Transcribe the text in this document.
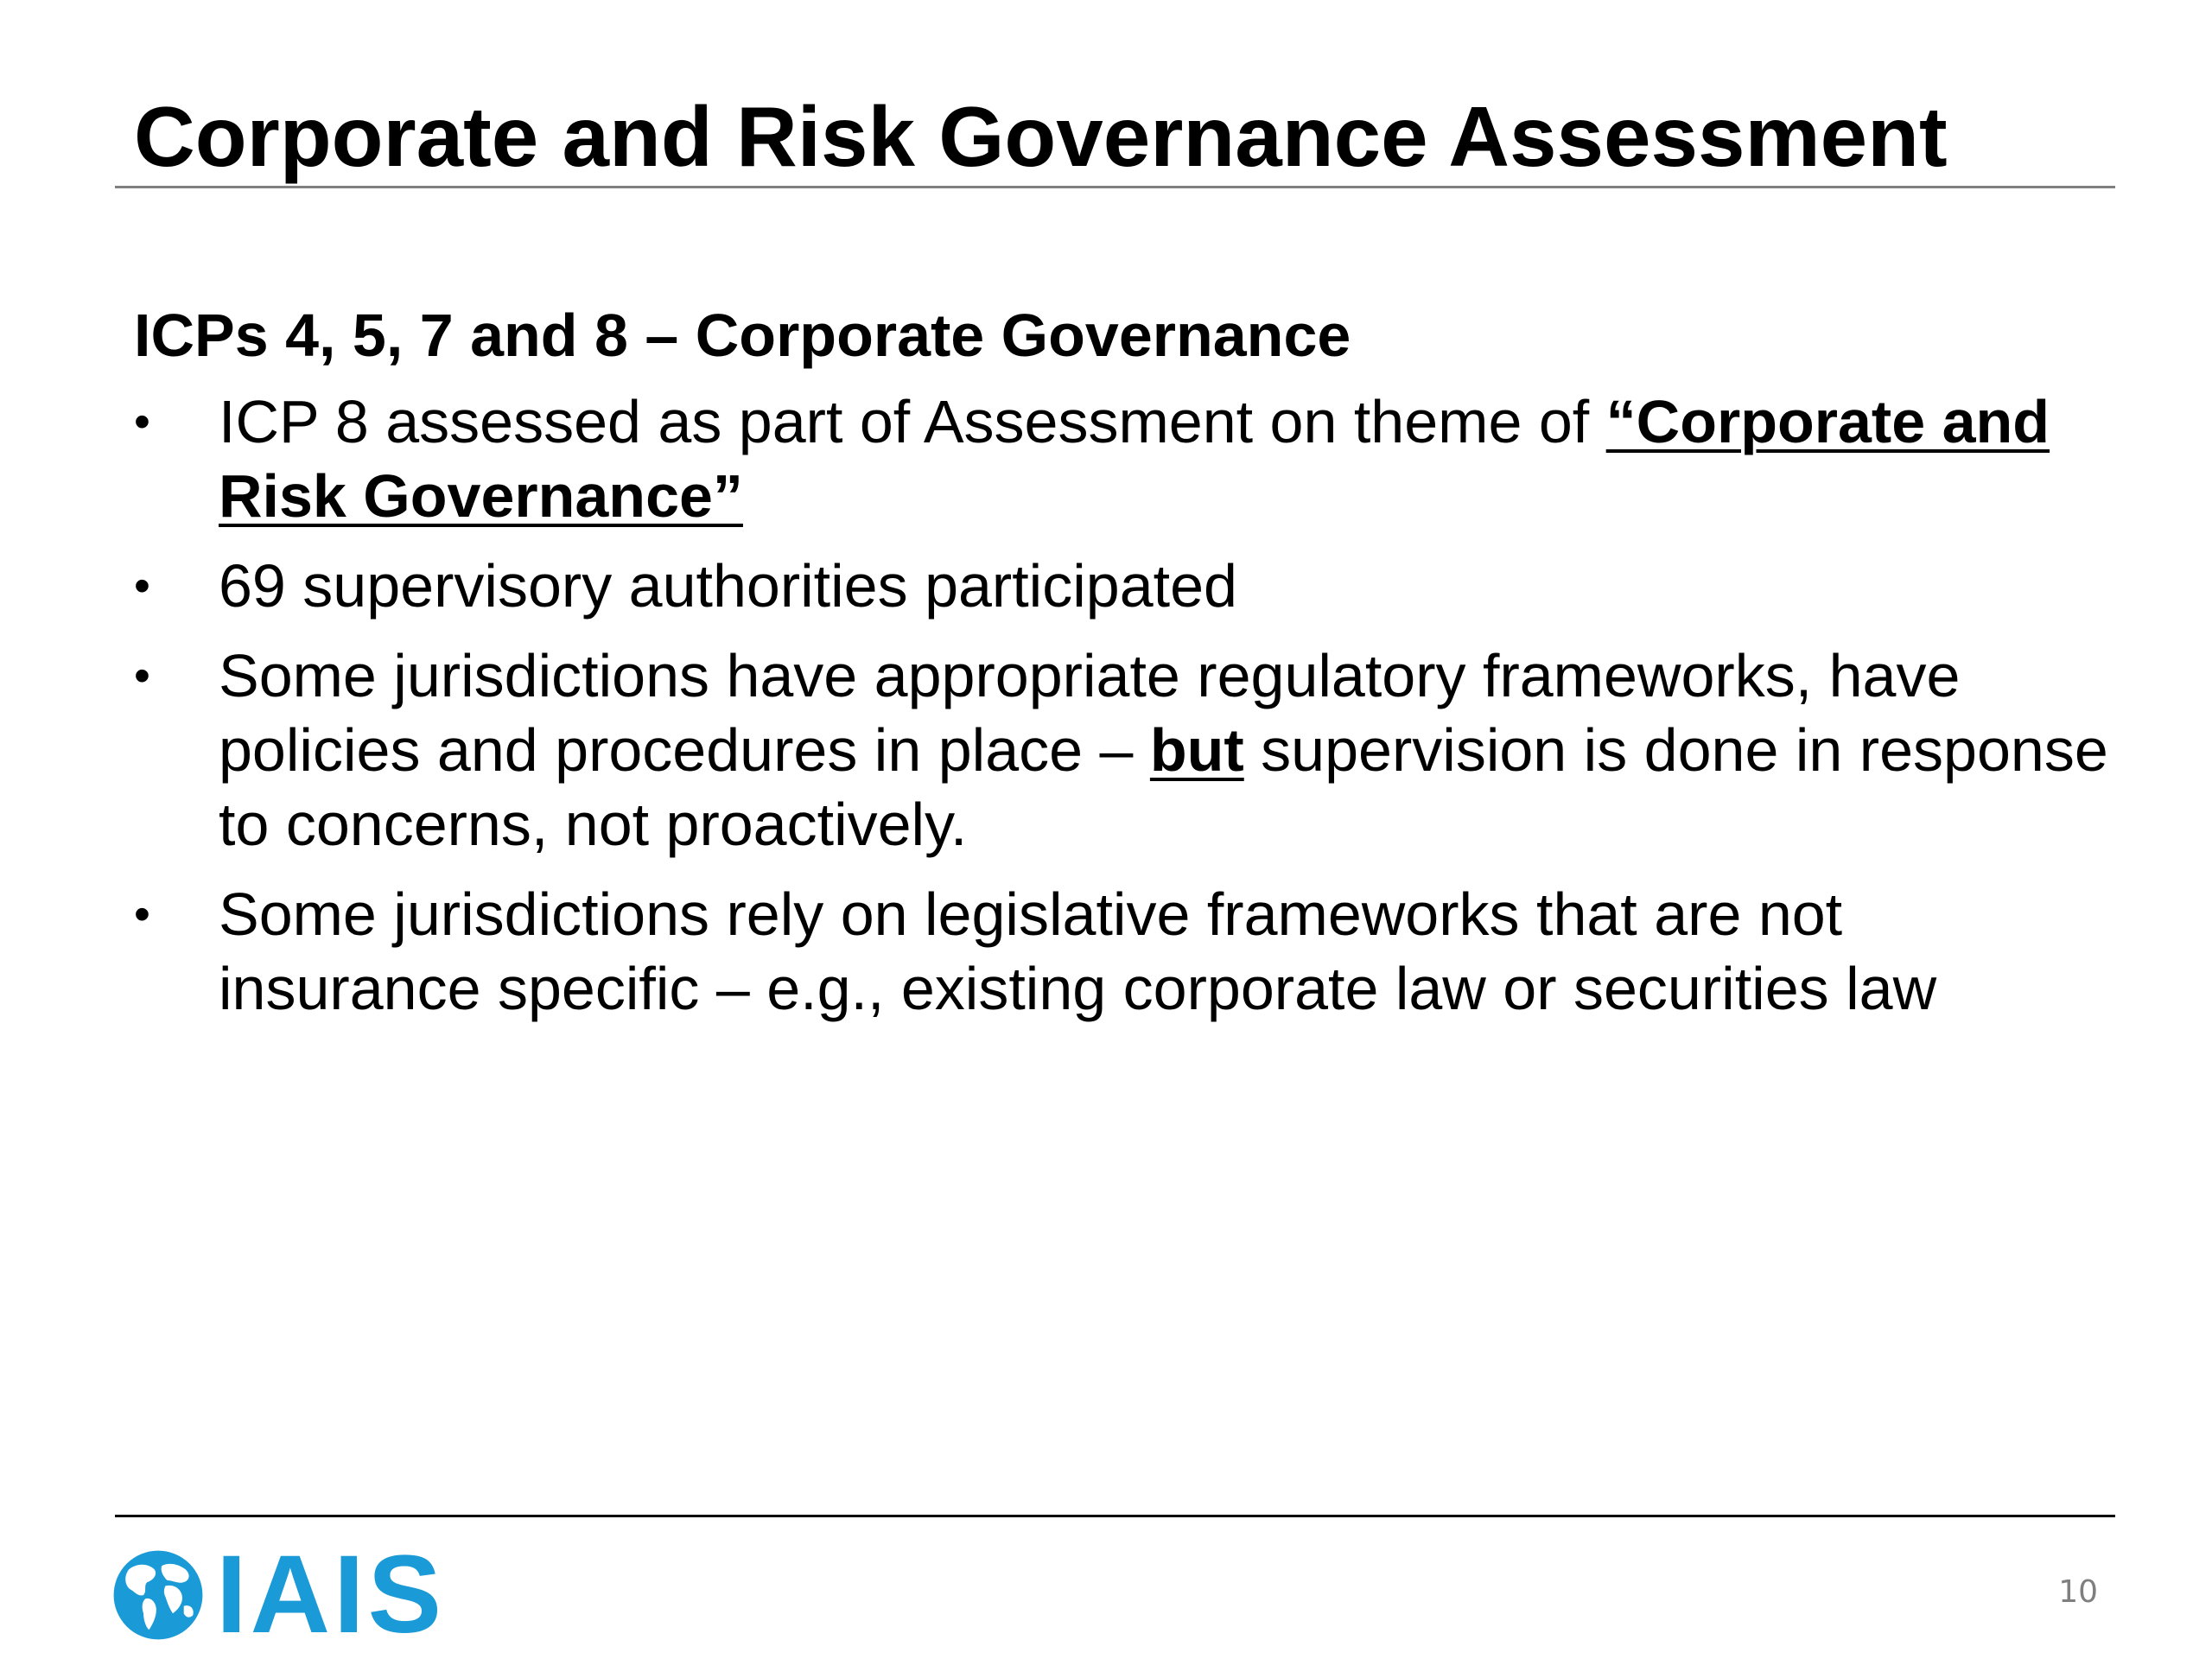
Corporate and Risk Governance Assessment
ICPs 4, 5, 7 and 8 – Corporate Governance
• ICP 8 assessed as part of Assessment on theme of “Corporate and Risk Governance”
• 69 supervisory authorities participated
• Some jurisdictions have appropriate regulatory frameworks, have policies and procedures in place – but supervision is done in response to concerns, not proactively.
• Some jurisdictions rely on legislative frameworks that are not insurance specific – e.g., existing corporate law or securities law
IAIS	10
